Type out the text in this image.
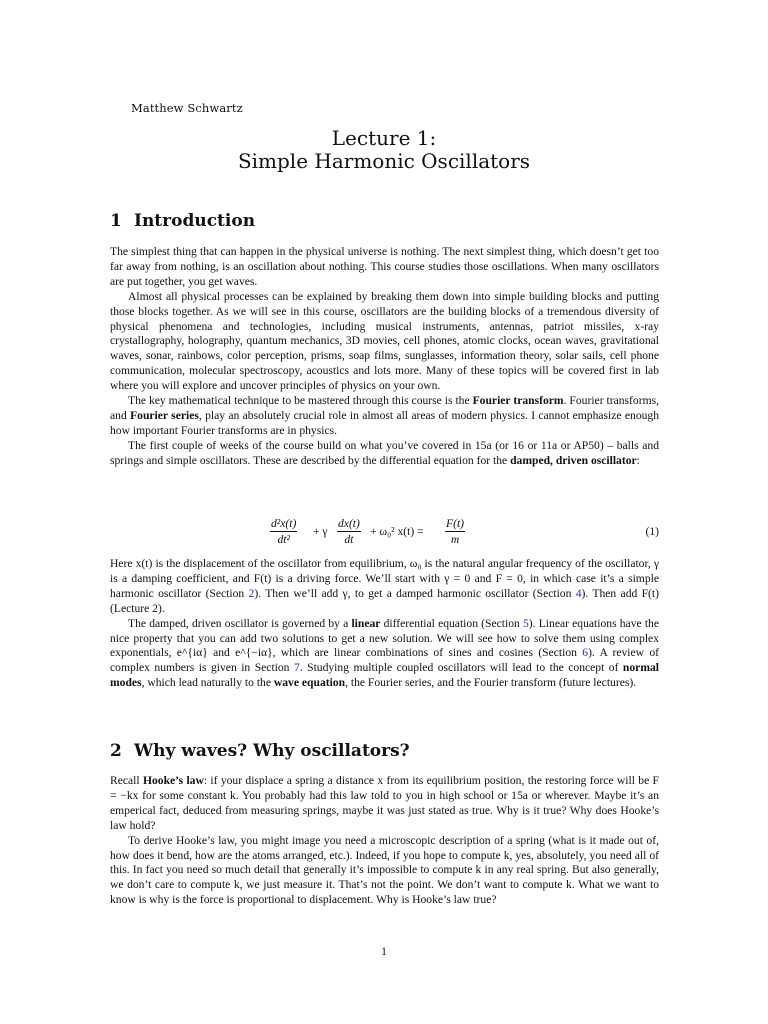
Matthew Schwartz
Lecture 1:
Simple Harmonic Oscillators
1 Introduction

The simplest thing that can happen in the physical universe is nothing. The next simplest thing, which doesn’t get too far away from nothing, is an oscillation about nothing. This course studies those oscillations. When many oscillators are put together, you get waves.

Almost all physical processes can be explained by breaking them down into simple building blocks and putting those blocks together. As we will see in this course, oscillators are the building blocks of a tremendous diversity of physical phenomena and technologies, including musical instruments, antennas, patriot missiles, x-ray crystallography, holography, quantum mechanics, 3D movies, cell phones, atomic clocks, ocean waves, gravitational waves, sonar, rainbows, color perception, prisms, soap films, sunglasses, information theory, solar sails, cell phone communication, molecular spectroscopy, acoustics and lots more. Many of these topics will be covered first in lab where you will explore and uncover principles of physics on your own.

The key mathematical technique to be mastered through this course is the Fourier transform. Fourier transforms, and Fourier series, play an absolutely crucial role in almost all areas of modern physics. I cannot emphasize enough how important Fourier transforms are in physics.

The first couple of weeks of the course build on what you’ve covered in 15a (or 16 or 11a or AP50) – balls and springs and simple oscillators. These are described by the differential equation for the damped, driven oscillator:

$\frac{\text{d²x(t)}}{\text{dt²}} + \gamma \frac{dx(t)}{dt} + \omega_0^2$ $x(t) = \frac{F(t)}{m}$	(1)

Here x(t) is the displacement of the oscillator from equilibrium, ω₀ is the natural angular frequency of the oscillator, γ is a damping coefficient, and F(t) is a driving force. We’ll start with γ = 0 and F = 0, in which case it’s a simple harmonic oscillator (Section 2). Then we’ll add γ, to get a damped harmonic oscillator (Section 4). Then add F(t) (Lecture 2).

The damped, driven oscillator is governed by a linear differential equation (Section 5). Linear equations have the nice property that you can add two solutions to get a new solution. We will see how to solve them using complex exponentials, e^{iα} and e^{−iα}, which are linear combinations of sines and cosines (Section 6). A review of complex numbers is given in Section 7. Studying multiple coupled oscillators will lead to the concept of normal modes, which lead naturally to the wave equation, the Fourier series, and the Fourier transform (future lectures).

2 Why waves? Why oscillators?

Recall Hooke’s law: if your displace a spring a distance x from its equilibrium position, the restoring force will be F = −kx for some constant k. You probably had this law told to you in high school or 15a or wherever. Maybe it’s an emperical fact, deduced from measuring springs, maybe it was just stated as true. Why is it true? Why does Hooke’s law hold?

To derive Hooke’s law, you might image you need a microscopic description of a spring (what is it made out of, how does it bend, how are the atoms arranged, etc.). Indeed, if you hope to compute k, yes, absolutely, you need all of this. In fact you need so much detail that generally it’s impossible to compute k in any real spring. But also generally, we don’t care to compute k, we just measure it. That’s not the point. We don’t want to compute k. What we want to know is why is the force is proportional to displacement. Why is Hooke’s law true?

1
